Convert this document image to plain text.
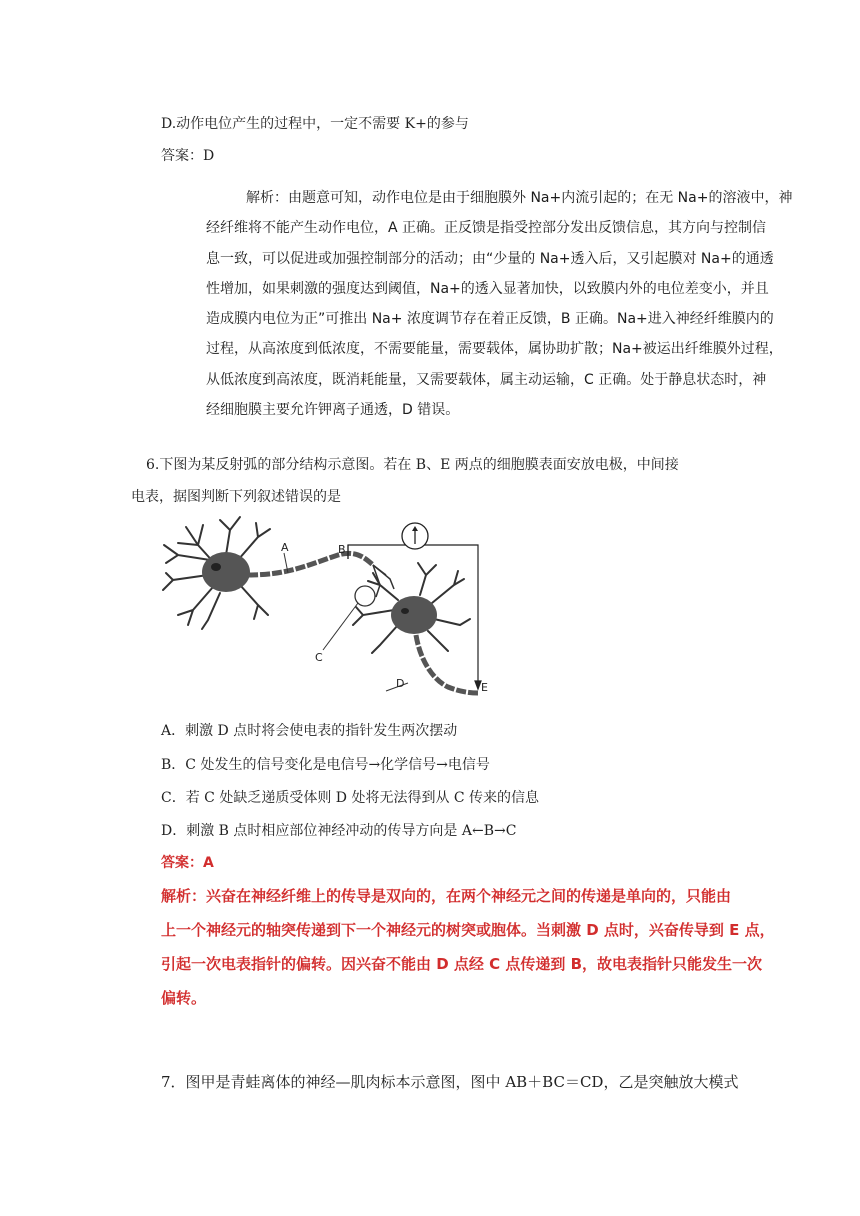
D.动作电位产生的过程中，一定不需要 K+的参与
答案：D
解析：由题意可知，动作电位是由于细胞膜外 Na+内流引起的；在无 Na+的溶液中，神
经纤维将不能产生动作电位，A 正确。正反馈是指受控部分发出反馈信息，其方向与控制信
息一致，可以促进或加强控制部分的活动；由“少量的 Na+透入后，又引起膜对 Na+的通透
性增加，如果刺激的强度达到阈值，Na+的透入显著加快，以致膜内外的电位差变小，并且
造成膜内电位为正”可推出 Na+ 浓度调节存在着正反馈，B 正确。Na+进入神经纤维膜内的
过程，从高浓度到低浓度，不需要能量，需要载体，属协助扩散；Na+被运出纤维膜外过程，
从低浓度到高浓度，既消耗能量，又需要载体，属主动运输，C 正确。处于静息状态时，神
经细胞膜主要允许钾离子通透，D 错误。
6.下图为某反射弧的部分结构示意图。若在 B、E 两点的细胞膜表面安放电极，中间接
电表，据图判断下列叙述错误的是
A	B
C
D	E
A．刺激 D 点时将会使电表的指针发生两次摆动
B．C 处发生的信号变化是电信号→化学信号→电信号
C．若 C 处缺乏递质受体则 D 处将无法得到从 C 传来的信息
D．刺激 B 点时相应部位神经冲动的传导方向是 A←B→C
答案：A
解析：兴奋在神经纤维上的传导是双向的，在两个神经元之间的传递是单向的，只能由
上一个神经元的轴突传递到下一个神经元的树突或胞体。当刺激 D 点时，兴奋传导到 E 点，
引起一次电表指针的偏转。因兴奋不能由 D 点经 C 点传递到 B，故电表指针只能发生一次
偏转。
7．图甲是青蛙离体的神经—肌肉标本示意图，图中 AB＋BC＝CD，乙是突触放大模式
